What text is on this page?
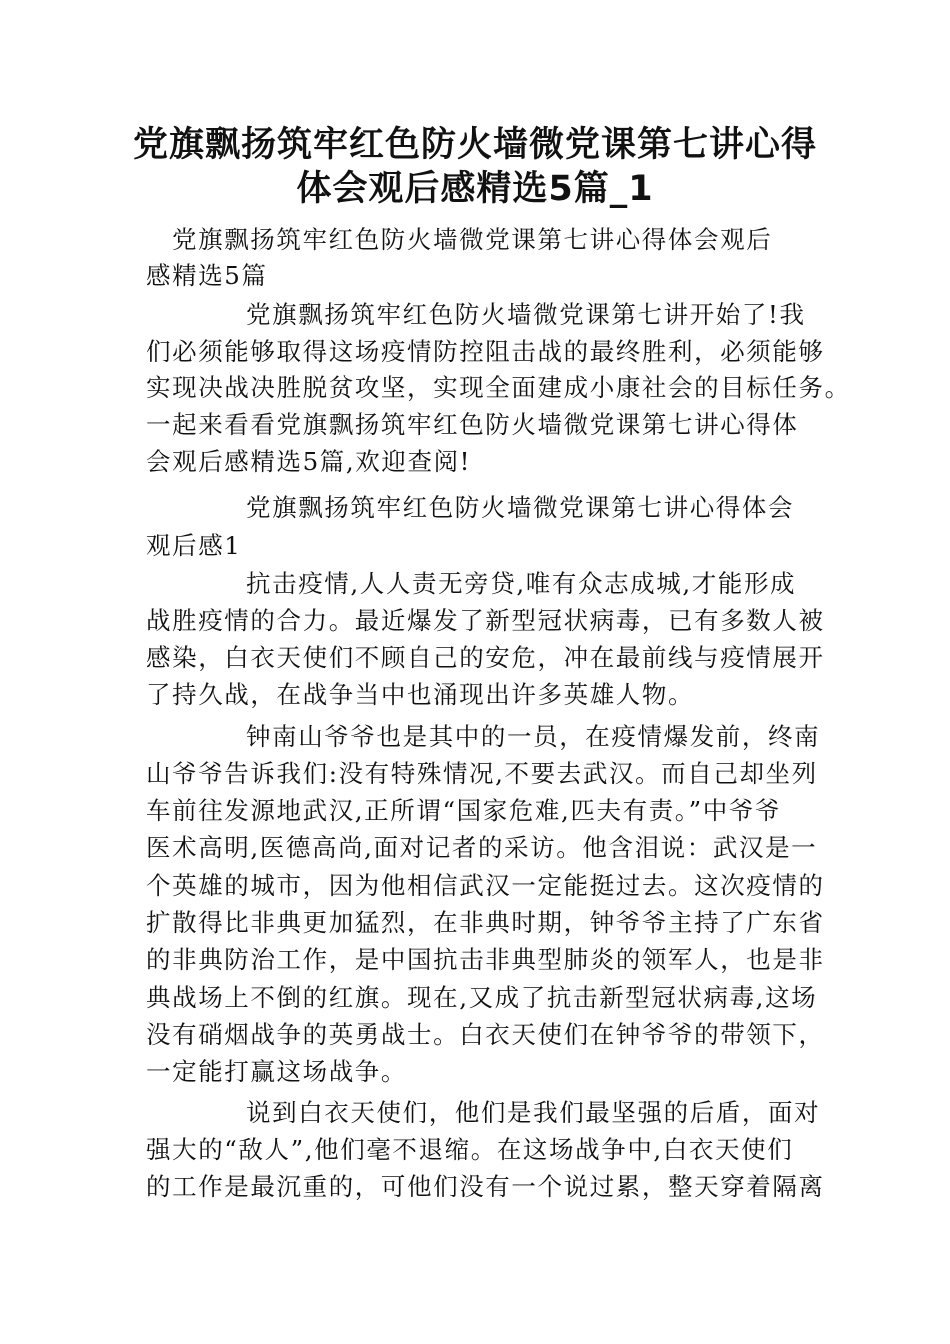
党旗飘扬筑牢红色防火墙微党课第七讲心得
体会观后感精选5篇_1

党旗飘扬筑牢红色防火墙微党课第七讲心得体会观后

感精选5篇

党旗飘扬筑牢红色防火墙微党课第七讲开始了!我

们必须能够取得这场疫情防控阻击战的最终胜利，必须能够

实现决战决胜脱贫攻坚，实现全面建成小康社会的目标任务。

一起来看看党旗飘扬筑牢红色防火墙微党课第七讲心得体

会观后感精选5篇,欢迎查阅!

党旗飘扬筑牢红色防火墙微党课第七讲心得体会

观后感1

抗击疫情,人人责无旁贷,唯有众志成城,才能形成

战胜疫情的合力。最近爆发了新型冠状病毒，已有多数人被

感染，白衣天使们不顾自己的安危，冲在最前线与疫情展开

了持久战，在战争当中也涌现出许多英雄人物。

钟南山爷爷也是其中的一员，在疫情爆发前，终南

山爷爷告诉我们:没有特殊情况,不要去武汉。而自己却坐列

车前往发源地武汉,正所谓“国家危难,匹夫有责。”中爷爷

医术高明,医德高尚,面对记者的采访。他含泪说：武汉是一

个英雄的城市，因为他相信武汉一定能挺过去。这次疫情的

扩散得比非典更加猛烈，在非典时期，钟爷爷主持了广东省

的非典防治工作，是中国抗击非典型肺炎的领军人，也是非

典战场上不倒的红旗。现在,又成了抗击新型冠状病毒,这场

没有硝烟战争的英勇战士。白衣天使们在钟爷爷的带领下，

一定能打赢这场战争。

说到白衣天使们，他们是我们最坚强的后盾，面对

强大的“敌人”,他们毫不退缩。在这场战争中,白衣天使们

的工作是最沉重的，可他们没有一个说过累，整天穿着隔离
